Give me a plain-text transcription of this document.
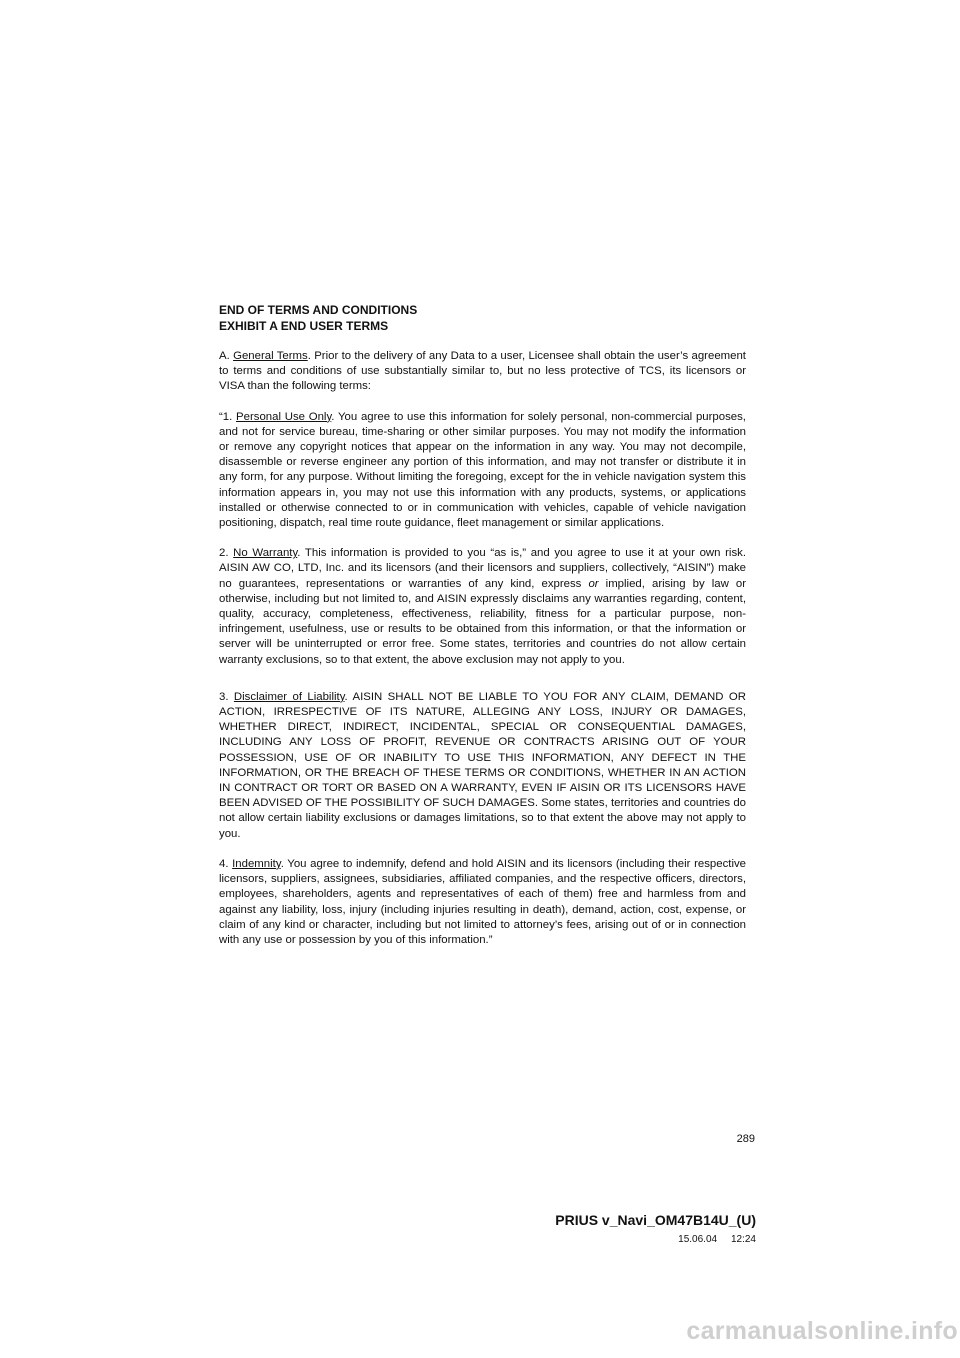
END OF TERMS AND CONDITIONS

EXHIBIT A END USER TERMS

A. General Terms. Prior to the delivery of any Data to a user, Licensee shall obtain the user’s agreement to terms and conditions of use substantially similar to, but no less protective of TCS, its licensors or VISA than the following terms:

“1. Personal Use Only. You agree to use this information for solely personal, non-commercial purposes, and not for service bureau, time-sharing or other similar purposes. You may not modify the information or remove any copyright notices that appear on the information in any way. You may not decompile, disassemble or reverse engineer any portion of this information, and may not transfer or distribute it in any form, for any purpose. Without limiting the foregoing, except for the in vehicle navigation system this information appears in, you may not use this information with any products, systems, or applications installed or otherwise connected to or in communication with vehicles, capable of vehicle navigation positioning, dispatch, real time route guidance, fleet management or similar applications.

2. No Warranty. This information is provided to you “as is,” and you agree to use it at your own risk. AISIN AW CO, LTD, Inc. and its licensors (and their licensors and suppliers, collectively, “AISIN”) make no guarantees, representations or warranties of any kind, express or implied, arising by law or otherwise, including but not limited to, and AISIN expressly disclaims any warranties regarding, content, quality, accuracy, completeness, effectiveness, reliability, fitness for a particular purpose, non-infringement, usefulness, use or results to be obtained from this information, or that the information or server will be uninterrupted or error free. Some states, territories and countries do not allow certain warranty exclusions, so to that extent, the above exclusion may not apply to you.

3. Disclaimer of Liability. AISIN SHALL NOT BE LIABLE TO YOU FOR ANY CLAIM, DEMAND OR ACTION, IRRESPECTIVE OF ITS NATURE, ALLEGING ANY LOSS, INJURY OR DAMAGES, WHETHER DIRECT, INDIRECT, INCIDENTAL, SPECIAL OR CONSEQUENTIAL DAMAGES, INCLUDING ANY LOSS OF PROFIT, REVENUE OR CONTRACTS ARISING OUT OF YOUR POSSESSION, USE OF OR INABILITY TO USE THIS INFORMATION, ANY DEFECT IN THE INFORMATION, OR THE BREACH OF THESE TERMS OR CONDITIONS, WHETHER IN AN ACTION IN CONTRACT OR TORT OR BASED ON A WARRANTY, EVEN IF AISIN OR ITS LICENSORS HAVE BEEN ADVISED OF THE POSSIBILITY OF SUCH DAMAGES. Some states, territories and countries do not allow certain liability exclusions or damages limitations, so to that extent the above may not apply to you.

4. Indemnity. You agree to indemnify, defend and hold AISIN and its licensors (including their respective licensors, suppliers, assignees, subsidiaries, affiliated companies, and the respective officers, directors, employees, shareholders, agents and representatives of each of them) free and harmless from and against any liability, loss, injury (including injuries resulting in death), demand, action, cost, expense, or claim of any kind or character, including but not limited to attorney’s fees, arising out of or in connection with any use or possession by you of this information.”

289
PRIUS v_Navi_OM47B14U_(U)
15.06.04     12:24
carmanualsonline.info
